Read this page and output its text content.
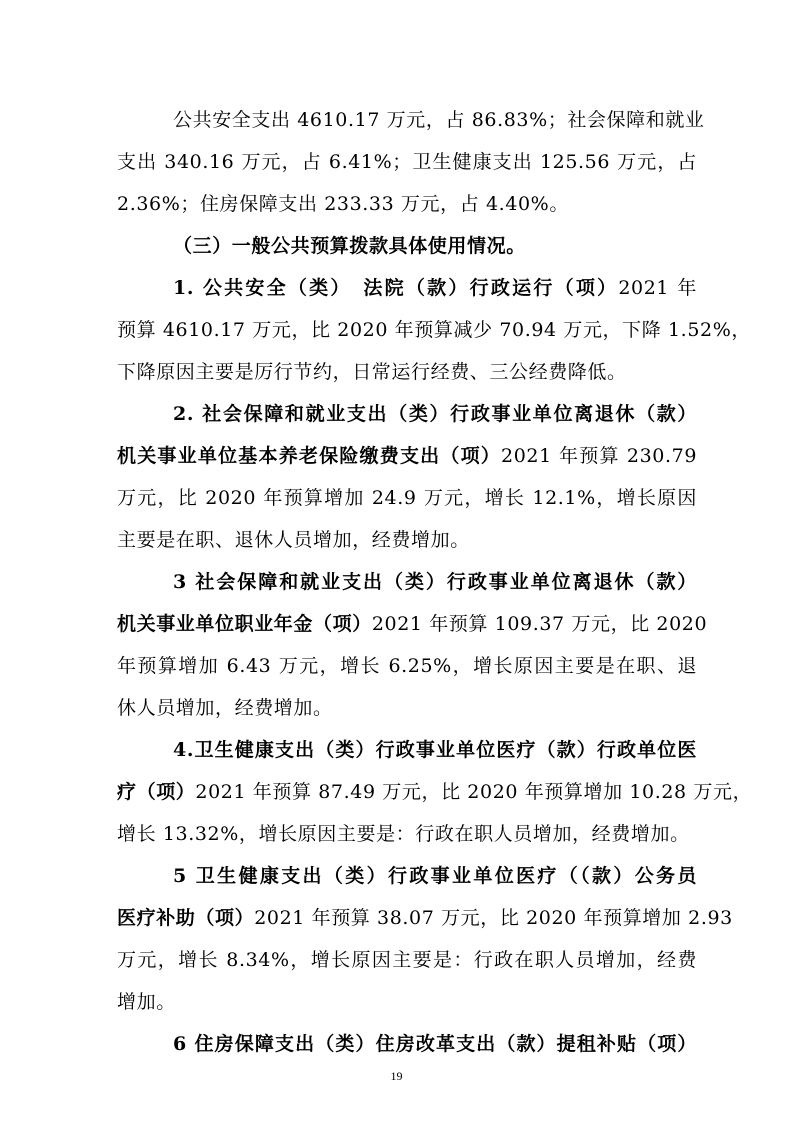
公共安全支出 4610.17 万元，占 86.83%；社会保障和就业
支出 340.16 万元，占 6.41%；卫生健康支出 125.56 万元，占
2.36%；住房保障支出 233.33 万元，占 4.40%。
（三）一般公共预算拨款具体使用情况。
1. 公共安全（类）　法院（款）行政运行（项）2021 年
预算 4610.17 万元，比 2020 年预算减少 70.94 万元，下降 1.52%，
下降原因主要是厉行节约，日常运行经费、三公经费降低。
2. 社会保障和就业支出（类）行政事业单位离退休（款）
机关事业单位基本养老保险缴费支出（项）2021 年预算 230.79
万元，比 2020 年预算增加 24.9 万元，增长 12.1%，增长原因
主要是在职、退休人员增加，经费增加。
3 社会保障和就业支出（类）行政事业单位离退休（款）
机关事业单位职业年金（项）2021 年预算 109.37 万元，比 2020
年预算增加 6.43 万元，增长 6.25%，增长原因主要是在职、退
休人员增加，经费增加。
4.卫生健康支出（类）行政事业单位医疗（款）行政单位医
疗（项）2021 年预算 87.49 万元，比 2020 年预算增加 10.28 万元，
增长 13.32%，增长原因主要是：行政在职人员增加，经费增加。
5 卫生健康支出（类）行政事业单位医疗（（款）公务员
医疗补助（项）2021 年预算 38.07 万元，比 2020 年预算增加 2.93
万元，增长 8.34%，增长原因主要是：行政在职人员增加，经费
增加。
6 住房保障支出（类）住房改革支出（款）提租补贴（项）
19
